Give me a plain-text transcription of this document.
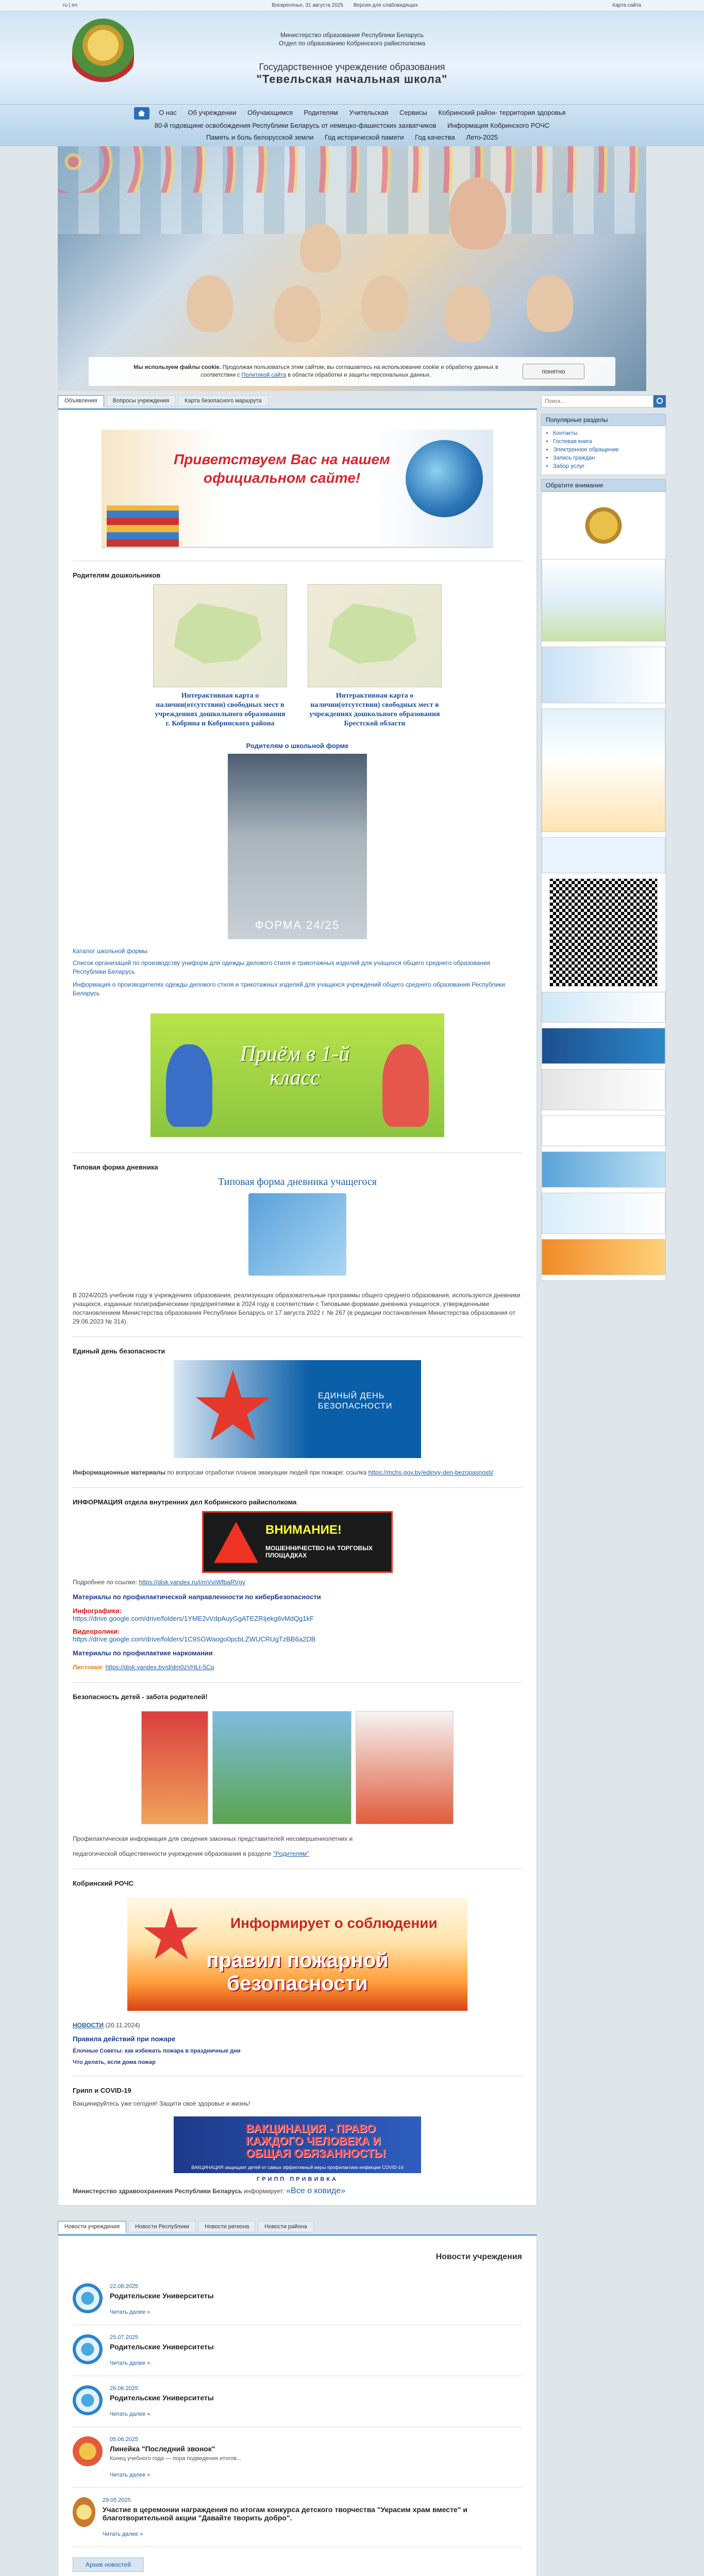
ru | en	Воскресенье, 31 августа 2025 Версия для слабовидящих	Карта сайта
Министерство образования Республики Беларусь
Отдел по образованию Кобринского райисполкома
Государственное учреждение образования
"Тевельская начальная школа"
О нас Об учреждении Обучающимся Родителям Учительская Сервисы Кобринский район- территория здоровья
80-й годовщине освобождения Республики Беларусь от немецко-фашистских захватчиков Информация Кобринского РОЧС
Память и боль белорусской земли Год исторической памяти Год качества Лето-2025

Мы используем файлы cookie. Продолжая пользоваться этим сайтом, вы соглашаетесь на использование cookie и обработку данных в соответствии с Политикой сайта в области обработки и защиты персональных данных.	понятно
Объявления	Вопросы учреждения	Карта безопасного маршрута
Приветствуем Вас на нашем официальном сайте!
Родителям дошкольников
Интерактивная карта о наличии(отсутствии) свободных мест в учреждениях дошкольного образования г. Кобрина и Кобринского района
Интерактивная карта о наличии(отсутствии) свободных мест в учреждениях дошкольного образования Брестской области
Родителям о школьной форме
ФОРМА 24/25
Каталог школьной формы
Список организаций по производству униформ для одежды делового стиля и трикотажных изделий для учащихся общего среднего образования Республики Беларусь
Информация о производителях одежды делового стиля и трикотажных изделий для учащихся учреждений общего среднего образования Республики Беларусь
Приём в 1-й класс
Типовая форма дневника
Типовая форма дневника учащегося

В 2024/2025 учебном году в учреждениях образования, реализующих образовательные программы общего среднего образования, используются дневники учащихся, изданные полиграфическими предприятиями в 2024 году в соответствии с Типовыми формами дневника учащегося, утвержденными постановлением Министерства образования Республики Беларусь от 17 августа 2022 г. № 267 (в редакции постановления Министерства образования от 29.06.2023 № 314).

Единый день безопасности
ЕДИНЫЙ ДЕНЬ БЕЗОПАСНОСТИ

Информационные материалы по вопросам отработки планов эвакуации людей при пожаре: ссылка https://mchs.gov.by/edinyy-den-bezopasnosti/

ИНФОРМАЦИЯ отдела внутренних дел Кобринского райисполкома
ВНИМАНИЕ!
МОШЕННИЧЕСТВО НА ТОРГОВЫХ ПЛОЩАДКАХ

Подробнее по ссылке: https://disk.yandex.ru/i/mVvjWfbaRVgy

Материалы по профилактической направленности по киберБезопасности

Инфографики:

https://drive.google.com/drive/folders/1YME2vVdpAuyGgATEZRIjekg6vMdQg1kF

Видеоролики:

https://drive.google.com/drive/folders/1C9SGWaogo0pcbLZWUCRUgTzBB6a2DB

Материалы по профилактике наркомании

Листовки: https://disk.yandex.by/d/dm0zVHLt-5Cq

Безопасность детей - забота родителей!

Профилактическая информация для сведения законных представителей несовершеннолетних и

педагогической общественности учреждения образования в разделе "Родителям"

Кобринский РОЧС
Информирует о соблюдении
правил пожарной безопасности

НОВОСТИ (20.11.2024)

Правила действий при пожаре

Ёлочные Советы: как избежать пожара в праздничные дни

Что делать, если дома пожар

Грипп и COVID-19

Вакцинируйтесь уже сегодня! Защити своё здоровье и жизнь!

ВАКЦИНАЦИЯ - ПРАВО КАЖДОГО ЧЕЛОВЕКА И ОБЩАЯ ОБЯЗАННОСТЬ!
ВАКЦИНАЦИЯ защищает детей от самых эффективный меры профилактики инфекции COVID-19
ГРИПП ПРИВИВКА

Министерство здравоохранения Республики Беларусь информирует: «Все о ковиде»

Новости учреждения	Новости Республики	Новости региона	Новости района
Новости учреждения
22.08.2025
Родительские Университеты
Читать далее »
25.07.2025
Родительские Университеты
Читать далее »
26.06.2025
Родительские Университеты
Читать далее »
05.06.2025
Линейка "Последний звонок"
Конец учебного года — пора подведения итогов...
Читать далее »
29.05.2025
Участие в церемонии награждения по итогам конкурса детского творчества "Украсим храм вместе" и благотворительной акции "Давайте творить добро".
Читать далее »
Архив новостей
Поиск...
Популярные разделы
• Контакты
• Гостевая книга
• Электронное обращение
• Запись граждан
• Забор услуг
Обратите внимание
